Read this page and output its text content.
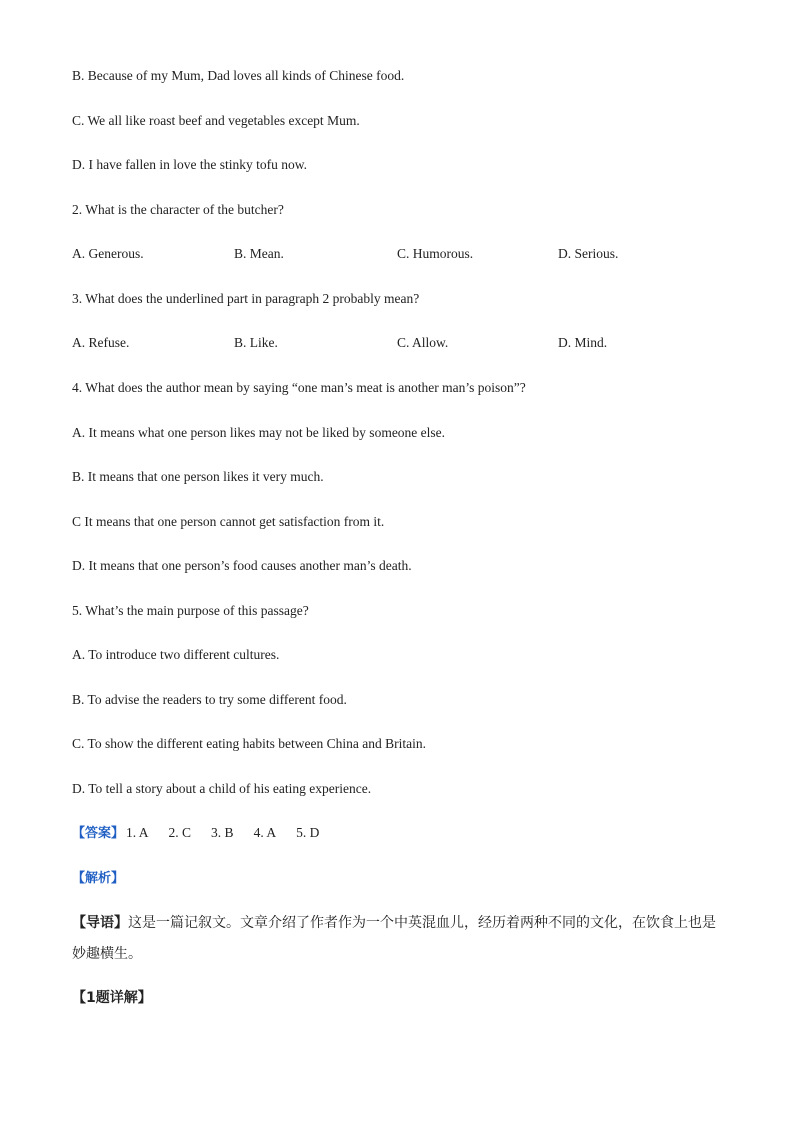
B. Because of my Mum, Dad loves all kinds of Chinese food.
C. We all like roast beef and vegetables except Mum.
D. I have fallen in love the stinky tofu now.
2. What is the character of the butcher?
A. Generous.	B. Mean.	C. Humorous.	D. Serious.
3. What does the underlined part in paragraph 2 probably mean?
A. Refuse.	B. Like.	C. Allow.	D. Mind.
4. What does the author mean by saying “one man’s meat is another man’s poison”?
A. It means what one person likes may not be liked by someone else.
B. It means that one person likes it very much.
C It means that one person cannot get satisfaction from it.
D. It means that one person’s food causes another man’s death.
5. What’s the main purpose of this passage?
A. To introduce two different cultures.
B. To advise the readers to try some different food.
C. To show the different eating habits between China and Britain.
D. To tell a story about a child of his eating experience.
【答案】 1. A 2. C 3. B 4. A 5. D
【解析】
【导语】这是一篇记叙文。文章介绍了作者作为一个中英混血儿，经历着两种不同的文化，在饮食上也是妙趣横生。
【1题详解】
